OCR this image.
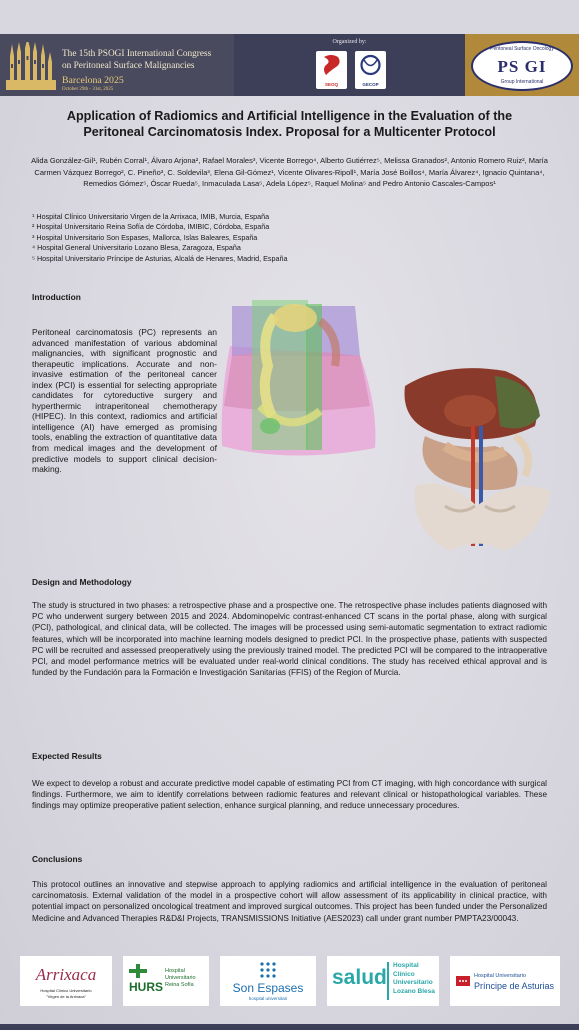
The 15th PSOGI International Congress
on Peritoneal Surface Malignancies
Barcelona 2025
October 29th - 31st, 2025
Organized by:
SEOQ	GECOP
Peritoneal Surface Oncology
PS GI
Group International
Application of Radiomics and Artificial Intelligence in the Evaluation of the
Peritoneal Carcinomatosis Index. Proposal for a Multicenter Protocol
Alida González-Gil¹, Rubén Corral¹, Álvaro Arjona², Rafael Morales³, Vicente Borrego⁴, Alberto Gutiérrez⁵, Melissa Granados², Antonio Romero Ruiz², María Carmen Vázquez Borrego², C. Pineño³, C. Soldevila³, Elena Gil-Gómez¹, Vicente Olivares-Ripoll¹, María José Boillos⁴, María Álvarez⁴, Ignacio Quintana⁴, Remedios Gómez⁵, Óscar Rueda⁵, Inmaculada Lasa⁵, Adela López⁵, Raquel Molina⁵ and Pedro Antonio Cascales-Campos¹
¹ Hospital Clínico Universitario Virgen de la Arrixaca, IMIB, Murcia, España
² Hospital Universitario Reina Sofía de Córdoba, IMIBIC, Córdoba, España
³ Hospital Universitario Son Espases, Mallorca, Islas Baleares, España
⁴ Hospital General Universitario Lozano Blesa, Zaragoza, España
⁵ Hospital Universitario Príncipe de Asturias, Alcalá de Henares, Madrid, España
Introduction
Peritoneal carcinomatosis (PC) represents an advanced manifestation of various abdominal malignancies, with significant prognostic and therapeutic implications. Accurate and non-invasive estimation of the peritoneal cancer index (PCI) is essential for selecting appropriate candidates for cytoreductive surgery and hyperthermic intraperitoneal chemotherapy (HIPEC). In this context, radiomics and artificial intelligence (AI) have emerged as promising tools, enabling the extraction of quantitative data from medical images and the development of predictive models to support clinical decision-making.
Design and Methodology
The study is structured in two phases: a retrospective phase and a prospective one. The retrospective phase includes patients diagnosed with PC who underwent surgery between 2015 and 2024. Abdominopelvic contrast-enhanced CT scans in the portal phase, along with surgical (PCI), pathological, and clinical data, will be collected. The images will be processed using semi-automatic segmentation to extract radiomic features, which will be incorporated into machine learning models designed to predict PCI. In the prospective phase, patients with suspected PC will be recruited and assessed preoperatively using the previously trained model. The predicted PCI will be compared to the intraoperative PCI, and model performance metrics will be evaluated under real-world clinical conditions. The study has received ethical approval and is funded by the Fundación para la Formación e Investigación Sanitarias (FFIS) of the Region of Murcia.
Expected Results
We expect to develop a robust and accurate predictive model capable of estimating PCI from CT imaging, with high concordance with surgical findings. Furthermore, we aim to identify correlations between radiomic features and relevant clinical or histopathological variables. These findings may optimize preoperative patient selection, enhance surgical planning, and reduce unnecessary procedures.
Conclusions
This protocol outlines an innovative and stepwise approach to applying radiomics and artificial intelligence in the evaluation of peritoneal carcinomatosis. External validation of the model in a prospective cohort will allow assessment of its applicability in clinical practice, with potential impact on personalized oncological treatment and improved surgical outcomes. This project has been funded under the Personalized Medicine and Advanced Therapies R&D&I Projects, TRANSMISSIONS Initiative (AES2023) call under grant number PMPTA23/00043.
Arrixaca
Hospital Clínico Universitario
"Virgen de la Arrixaca"
HURS
Hospital
Universitario
Reina Sofía	Son Espases
hospital universitari
salud
Hospital
Clínico
Universitario
Lozano Blesa
Hospital Universitario
Príncipe de Asturias
